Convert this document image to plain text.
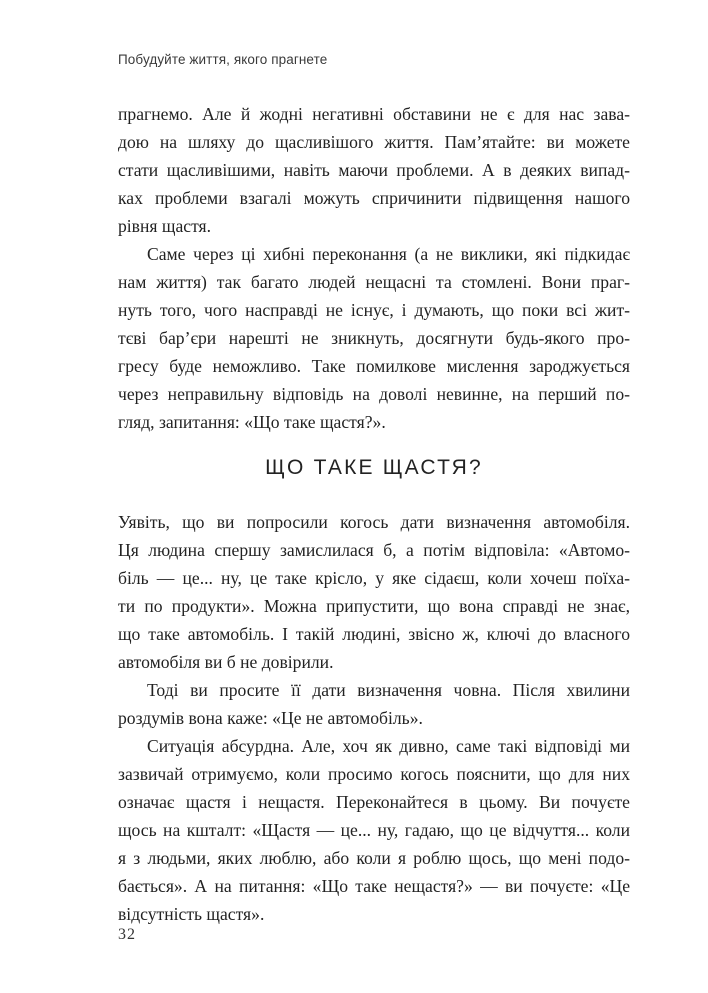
Побудуйте життя, якого прагнете
прагнемо. Але й жодні негативні обставини не є для нас зава-
дою на шляху до щасливішого життя. Пам’ятайте: ви можете
стати щасливішими, навіть маючи проблеми. А в деяких випад-
ках проблеми взагалі можуть спричинити підвищення нашого
рівня щастя.
Саме через ці хибні переконання (а не виклики, які підкидає
нам життя) так багато людей нещасні та стомлені. Вони праг-
нуть того, чого насправді не існує, і думають, що поки всі жит-
тєві бар’єри нарешті не зникнуть, досягнути будь-якого про-
гресу буде неможливо. Таке помилкове мислення зароджується
через неправильну відповідь на доволі невинне, на перший по-
гляд, запитання: «Що таке щастя?».
ЩО ТАКЕ ЩАСТЯ?
Уявіть, що ви попросили когось дати визначення автомобіля.
Ця людина спершу замислилася б, а потім відповіла: «Автомо-
біль — це... ну, це таке крісло, у яке сідаєш, коли хочеш поїха-
ти по продукти». Можна припустити, що вона справді не знає,
що таке автомобіль. І такій людині, звісно ж, ключі до власного
автомобіля ви б не довірили.
Тоді ви просите її дати визначення човна. Після хвилини
роздумів вона каже: «Це не автомобіль».
Ситуація абсурдна. Але, хоч як дивно, саме такі відповіді ми
зазвичай отримуємо, коли просимо когось пояснити, що для них
означає щастя і нещастя. Переконайтеся в цьому. Ви почуєте
щось на кшталт: «Щастя — це... ну, гадаю, що це відчуття... коли
я з людьми, яких люблю, або коли я роблю щось, що мені подо-
бається». А на питання: «Що таке нещастя?» — ви почуєте: «Це
відсутність щастя».
32
